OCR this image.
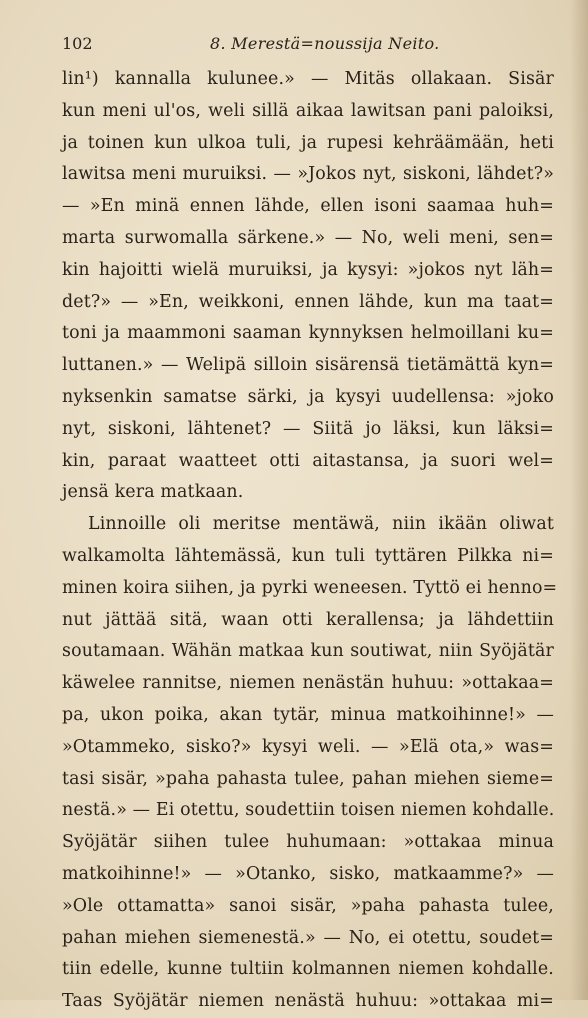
102	8. Merestä=noussija Neito.
lin¹) kannalla kulunee.» — Mitäs ollakaan. Sisär
kun meni ul'os, weli sillä aikaa lawitsan pani paloiksi,
ja toinen kun ulkoa tuli, ja rupesi kehräämään, heti
lawitsa meni muruiksi. — »Jokos nyt, siskoni, lähdet?»
— »En minä ennen lähde, ellen isoni saamaa huh=
marta surwomalla särkene.» — No, weli meni, sen=
kin hajoitti wielä muruiksi, ja kysyi: »jokos nyt läh=
det?» — »En, weikkoni, ennen lähde, kun ma taat=
toni ja maammoni saaman kynnyksen helmoillani ku=
luttanen.» — Welipä silloin sisärensä tietämättä kyn=
nyksenkin samatse särki, ja kysyi uudellensa: »joko
nyt, siskoni, lähtenet? — Siitä jo läksi, kun läksi=
kin, paraat waatteet otti aitastansa, ja suori wel=
jensä kera matkaan.
Linnoille oli meritse mentäwä, niin ikään oliwat
walkamolta lähtemässä, kun tuli tyttären Pilkka ni=
minen koira siihen, ja pyrki weneesen. Tyttö ei henno=
nut jättää sitä, waan otti kerallensa; ja lähdettiin
soutamaan. Wähän matkaa kun soutiwat, niin Syöjätär
käwelee rannitse, niemen nenästän huhuu: »ottakaa=
pa, ukon poika, akan tytär, minua matkoihinne!» —
»Otammeko, sisko?» kysyi weli. — »Elä ota,» was=
tasi sisär, »paha pahasta tulee, pahan miehen sieme=
nestä.» — Ei otettu, soudettiin toisen niemen kohdalle.
Syöjätär siihen tulee huhumaan: »ottakaa minua
matkoihinne!» — »Otanko, sisko, matkaamme?» —
»Ole ottamatta» sanoi sisär, »paha pahasta tulee,
pahan miehen siemenestä.» — No, ei otettu, soudet=
tiin edelle, kunne tultiin kolmannen niemen kohdalle.
Taas Syöjätär niemen nenästä huhuu: »ottakaa mi=
